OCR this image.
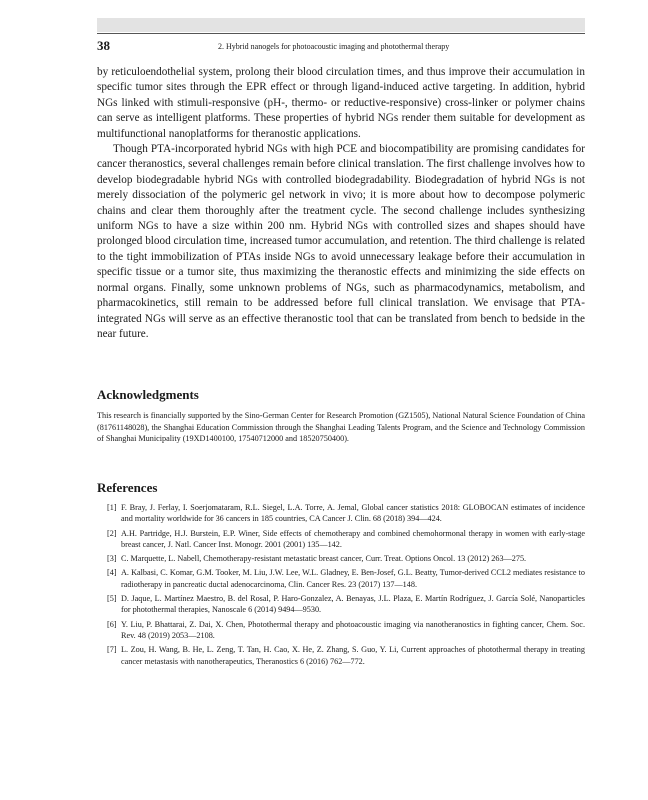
38	2. Hybrid nanogels for photoacoustic imaging and photothermal therapy

by reticuloendothelial system, prolong their blood circulation times, and thus improve their accumulation in specific tumor sites through the EPR effect or through ligand-induced active targeting. In addition, hybrid NGs linked with stimuli-responsive (pH-, thermo- or reductive-responsive) cross-linker or polymer chains can serve as intelligent platforms. These properties of hybrid NGs render them suitable for development as multifunctional nanoplatforms for theranostic applications.

Though PTA-incorporated hybrid NGs with high PCE and biocompatibility are promising candidates for cancer theranostics, several challenges remain before clinical translation. The first challenge involves how to develop biodegradable hybrid NGs with controlled biodegradability. Biodegradation of hybrid NGs is not merely dissociation of the polymeric gel network in vivo; it is more about how to decompose polymeric chains and clear them thoroughly after the treatment cycle. The second challenge includes synthesizing uniform NGs to have a size within 200 nm. Hybrid NGs with controlled sizes and shapes should have prolonged blood circulation time, increased tumor accumulation, and retention. The third challenge is related to the tight immobilization of PTAs inside NGs to avoid unnecessary leakage before their accumulation in specific tissue or a tumor site, thus maximizing the theranostic effects and minimizing the side effects on normal organs. Finally, some unknown problems of NGs, such as pharmacodynamics, metabolism, and pharmacokinetics, still remain to be addressed before full clinical translation. We envisage that PTA-integrated NGs will serve as an effective theranostic tool that can be translated from bench to bedside in the near future.

Acknowledgments
This research is financially supported by the Sino-German Center for Research Promotion (GZ1505), National Natural Science Foundation of China (81761148028), the Shanghai Education Commission through the Shanghai Leading Talents Program, and the Science and Technology Commission of Shanghai Municipality (19XD1400100, 17540712000 and 18520750400).
References
[1] F. Bray, J. Ferlay, I. Soerjomataram, R.L. Siegel, L.A. Torre, A. Jemal, Global cancer statistics 2018: GLOBOCAN estimates of incidence and mortality worldwide for 36 cancers in 185 countries, CA Cancer J. Clin. 68 (2018) 394—424.
[2] A.H. Partridge, H.J. Burstein, E.P. Winer, Side effects of chemotherapy and combined chemohormonal therapy in women with early-stage breast cancer, J. Natl. Cancer Inst. Monogr. 2001 (2001) 135—142.
[3] C. Marquette, L. Nabell, Chemotherapy-resistant metastatic breast cancer, Curr. Treat. Options Oncol. 13 (2012) 263—275.
[4] A. Kalbasi, C. Komar, G.M. Tooker, M. Liu, J.W. Lee, W.L. Gladney, E. Ben-Josef, G.L. Beatty, Tumor-derived CCL2 mediates resistance to radiotherapy in pancreatic ductal adenocarcinoma, Clin. Cancer Res. 23 (2017) 137—148.
[5] D. Jaque, L. Martínez Maestro, B. del Rosal, P. Haro-Gonzalez, A. Benayas, J.L. Plaza, E. Martín Rodríguez, J. García Solé, Nanoparticles for photothermal therapies, Nanoscale 6 (2014) 9494—9530.
[6] Y. Liu, P. Bhattarai, Z. Dai, X. Chen, Photothermal therapy and photoacoustic imaging via nanotheranostics in fighting cancer, Chem. Soc. Rev. 48 (2019) 2053—2108.
[7] L. Zou, H. Wang, B. He, L. Zeng, T. Tan, H. Cao, X. He, Z. Zhang, S. Guo, Y. Li, Current approaches of photothermal therapy in treating cancer metastasis with nanotherapeutics, Theranostics 6 (2016) 762—772.
